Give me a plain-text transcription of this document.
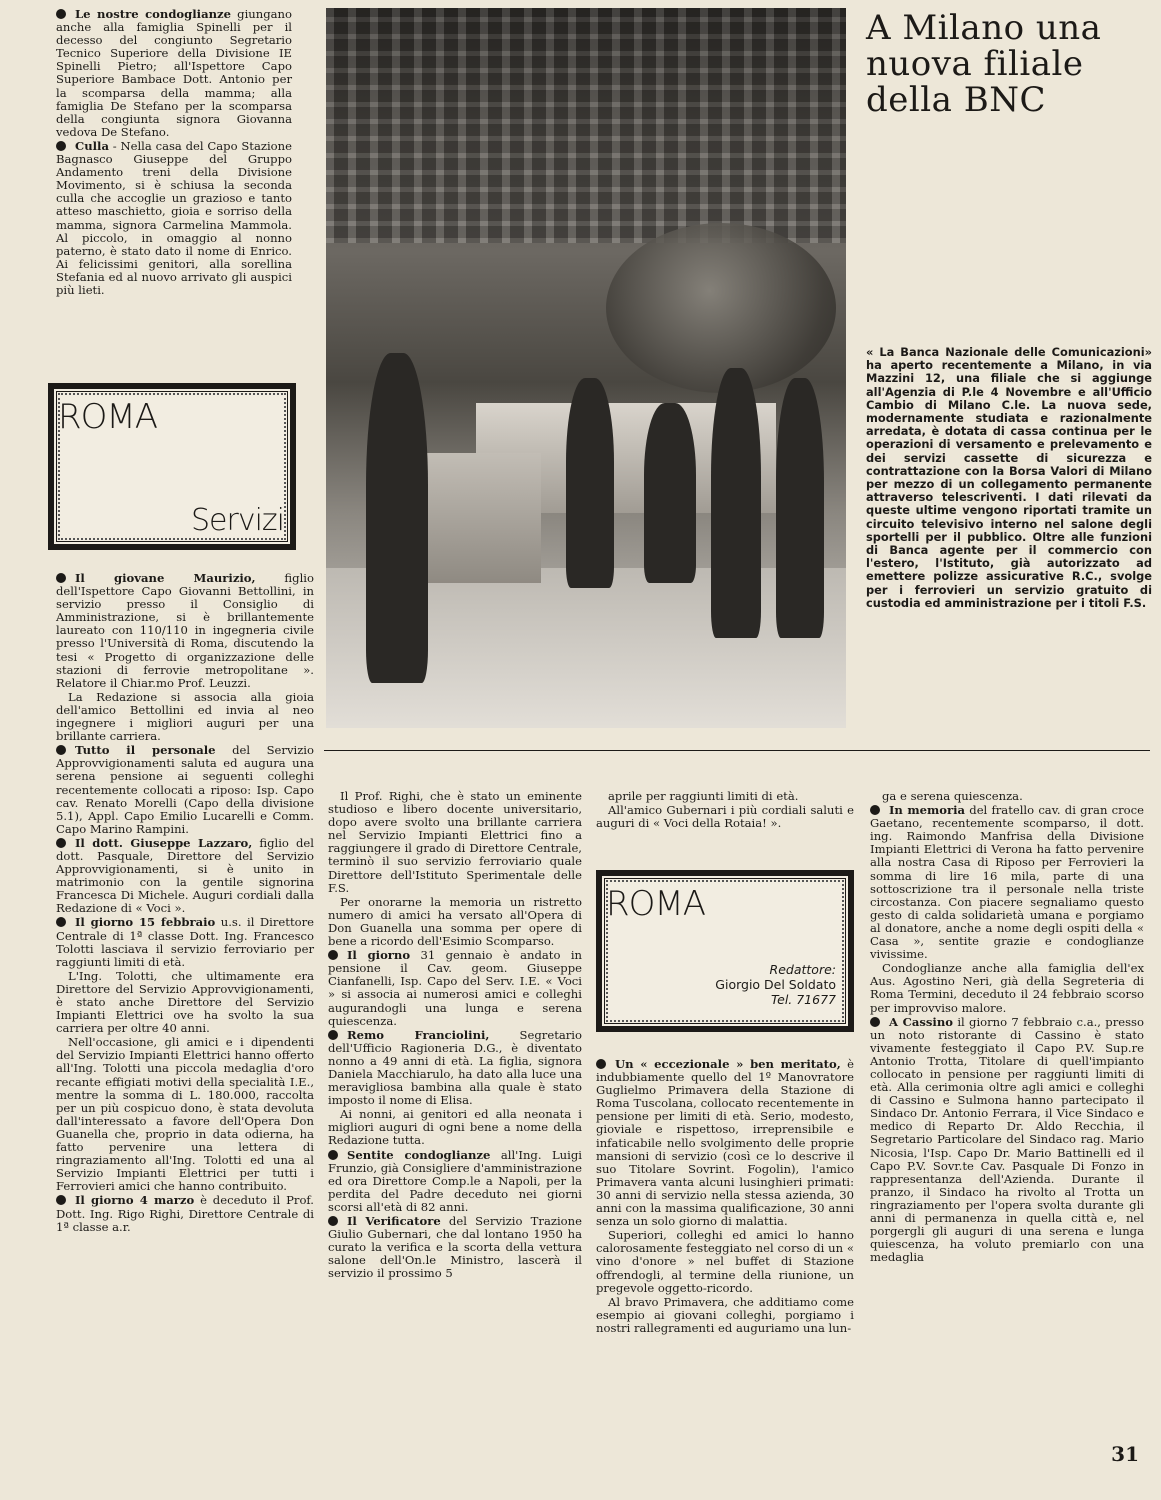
Le nostre condoglianze giungano anche alla famiglia Spinelli per il decesso del congiunto Segretario Tecnico Superiore della Divisione IE Spinelli Pietro; all'Ispettore Capo Superiore Bambace Dott. Antonio per la scomparsa della mamma; alla famiglia De Stefano per la scomparsa della congiunta signora Giovanna vedova De Stefano.

Culla - Nella casa del Capo Stazione Bagnasco Giuseppe del Gruppo Andamento treni della Divisione Movimento, si è schiusa la seconda culla che accoglie un grazioso e tanto atteso maschietto, gioia e sorriso della mamma, signora Carmelina Mammola. Al piccolo, in omaggio al nonno paterno, è stato dato il nome di Enrico. Ai felicissimi genitori, alla sorellina Stefania ed al nuovo arrivato gli auspici più lieti.

ROMA
Servizi

Il giovane Maurizio, figlio dell'Ispettore Capo Giovanni Bettollini, in servizio presso il Consiglio di Amministrazione, si è brillantemente laureato con 110/110 in ingegneria civile presso l'Università di Roma, discutendo la tesi « Progetto di organizzazione delle stazioni di ferrovie metropolitane ». Relatore il Chiar.mo Prof. Leuzzi.

La Redazione si associa alla gioia dell'amico Bettollini ed invia al neo ingegnere i migliori auguri per una brillante carriera.

Tutto il personale del Servizio Approvvigionamenti saluta ed augura una serena pensione ai seguenti colleghi recentemente collocati a riposo: Isp. Capo cav. Renato Morelli (Capo della divisione 5.1), Appl. Capo Emilio Lucarelli e Comm. Capo Marino Rampini.

Il dott. Giuseppe Lazzaro, figlio del dott. Pasquale, Direttore del Servizio Approvvigionamenti, si è unito in matrimonio con la gentile signorina Francesca Di Michele. Auguri cordiali dalla Redazione di « Voci ».

Il giorno 15 febbraio u.s. il Direttore Centrale di 1ª classe Dott. Ing. Francesco Tolotti lasciava il servizio ferroviario per raggiunti limiti di età.

L'Ing. Tolotti, che ultimamente era Direttore del Servizio Approvvigionamenti, è stato anche Direttore del Servizio Impianti Elettrici ove ha svolto la sua carriera per oltre 40 anni.

Nell'occasione, gli amici e i dipendenti del Servizio Impianti Elettrici hanno offerto all'Ing. Tolotti una piccola medaglia d'oro recante effigiati motivi della specialità I.E., mentre la somma di L. 180.000, raccolta per un più cospicuo dono, è stata devoluta dall'interessato a favore dell'Opera Don Guanella che, proprio in data odierna, ha fatto pervenire una lettera di ringraziamento all'Ing. Tolotti ed una al Servizio Impianti Elettrici per tutti i Ferrovieri amici che hanno contribuito.

Il giorno 4 marzo è deceduto il Prof. Dott. Ing. Rigo Righi, Direttore Centrale di 1ª classe a.r.

A Milano una nuova filiale della BNC
« La Banca Nazionale delle Comunicazioni» ha aperto recentemente a Milano, in via Mazzini 12, una filiale che si aggiunge all'Agenzia di P.le 4 Novembre e all'Ufficio Cambio di Milano C.le. La nuova sede, modernamente studiata e razionalmente arredata, è dotata di cassa continua per le operazioni di versamento e prelevamento e dei servizi cassette di sicurezza e contrattazione con la Borsa Valori di Milano per mezzo di un collegamento permanente attraverso telescriventi. I dati rilevati da queste ultime vengono riportati tramite un circuito televisivo interno nel salone degli sportelli per il pubblico. Oltre alle funzioni di Banca agente per il commercio con l'estero, l'Istituto, già autorizzato ad emettere polizze assicurative R.C., svolge per i ferrovieri un servizio gratuito di custodia ed amministrazione per i titoli F.S.

Il Prof. Righi, che è stato un eminente studioso e libero docente universitario, dopo avere svolto una brillante carriera nel Servizio Impianti Elettrici fino a raggiungere il grado di Direttore Centrale, terminò il suo servizio ferroviario quale Direttore dell'Istituto Sperimentale delle F.S.

Per onorarne la memoria un ristretto numero di amici ha versato all'Opera di Don Guanella una somma per opere di bene a ricordo dell'Esimio Scomparso.

Il giorno 31 gennaio è andato in pensione il Cav. geom. Giuseppe Cianfanelli, Isp. Capo del Serv. I.E. « Voci » si associa ai numerosi amici e colleghi augurandogli una lunga e serena quiescenza.

Remo Franciolini, Segretario dell'Ufficio Ragioneria D.G., è diventato nonno a 49 anni di età. La figlia, signora Daniela Macchiarulo, ha dato alla luce una meravigliosa bambina alla quale è stato imposto il nome di Elisa.

Ai nonni, ai genitori ed alla neonata i migliori auguri di ogni bene a nome della Redazione tutta.

Sentite condoglianze all'Ing. Luigi Frunzio, già Consigliere d'amministrazione ed ora Direttore Comp.le a Napoli, per la perdita del Padre deceduto nei giorni scorsi all'età di 82 anni.

Il Verificatore del Servizio Trazione Giulio Gubernari, che dal lontano 1950 ha curato la verifica e la scorta della vettura salone dell'On.le Ministro, lascerà il servizio il prossimo 5

aprile per raggiunti limiti di età.

All'amico Gubernari i più cordiali saluti e auguri di « Voci della Rotaia! ».

ROMA
Redattore:
Giorgio Del Soldato
Tel. 71677

Un « eccezionale » ben meritato, è indubbiamente quello del 1º Manovratore Guglielmo Primavera della Stazione di Roma Tuscolana, collocato recentemente in pensione per limiti di età. Serio, modesto, gioviale e rispettoso, irreprensibile e infaticabile nello svolgimento delle proprie mansioni di servizio (così ce lo descrive il suo Titolare Sovrint. Fogolin), l'amico Primavera vanta alcuni lusinghieri primati: 30 anni di servizio nella stessa azienda, 30 anni con la massima qualificazione, 30 anni senza un solo giorno di malattia.

Superiori, colleghi ed amici lo hanno calorosamente festeggiato nel corso di un « vino d'onore » nel buffet di Stazione offrendogli, al termine della riunione, un pregevole oggetto-ricordo.

Al bravo Primavera, che additiamo come esempio ai giovani colleghi, porgiamo i nostri rallegramenti ed auguriamo una lun-

ga e serena quiescenza.

In memoria del fratello cav. di gran croce Gaetano, recentemente scomparso, il dott. ing. Raimondo Manfrisa della Divisione Impianti Elettrici di Verona ha fatto pervenire alla nostra Casa di Riposo per Ferrovieri la somma di lire 16 mila, parte di una sottoscrizione tra il personale nella triste circostanza. Con piacere segnaliamo questo gesto di calda solidarietà umana e porgiamo al donatore, anche a nome degli ospiti della « Casa », sentite grazie e condoglianze vivissime.

Condoglianze anche alla famiglia dell'ex Aus. Agostino Neri, già della Segreteria di Roma Termini, deceduto il 24 febbraio scorso per improvviso malore.

A Cassino il giorno 7 febbraio c.a., presso un noto ristorante di Cassino è stato vivamente festeggiato il Capo P.V. Sup.re Antonio Trotta, Titolare di quell'impianto collocato in pensione per raggiunti limiti di età. Alla cerimonia oltre agli amici e colleghi di Cassino e Sulmona hanno partecipato il Sindaco Dr. Antonio Ferrara, il Vice Sindaco e medico di Reparto Dr. Aldo Recchia, il Segretario Particolare del Sindaco rag. Mario Nicosia, l'Isp. Capo Dr. Mario Battinelli ed il Capo P.V. Sovr.te Cav. Pasquale Di Fonzo in rappresentanza dell'Azienda. Durante il pranzo, il Sindaco ha rivolto al Trotta un ringraziamento per l'opera svolta durante gli anni di permanenza in quella città e, nel porgergli gli auguri di una serena e lunga quiescenza, ha voluto premiarlo con una medaglia

31
